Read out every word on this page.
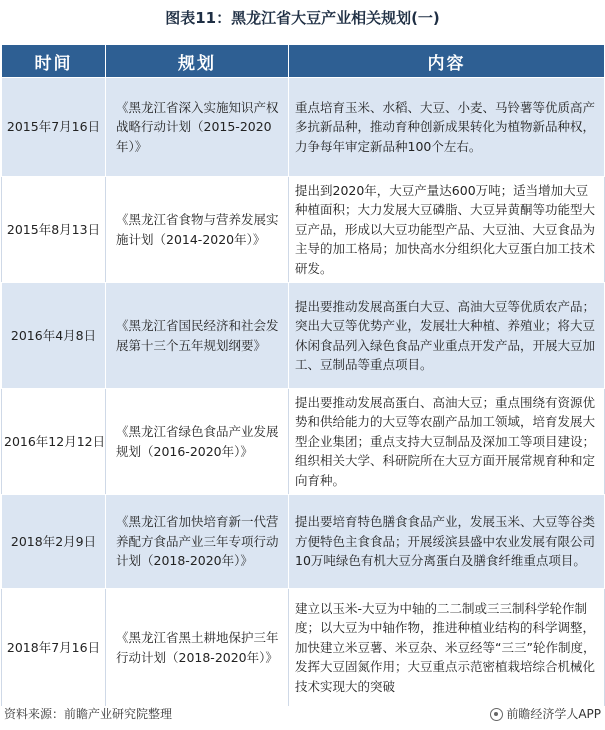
图表11：黑龙江省大豆产业相关规划(一)
时间	规划	内容
2015年7月16日	《黑龙江省深入实施知识产权战略行动计划（2015-2020年）》	重点培育玉米、水稻、大豆、小麦、马铃薯等优质高产多抗新品种，推动育种创新成果转化为植物新品种权，力争每年审定新品种100个左右。
2015年8月13日	《黑龙江省食物与营养发展实施计划（2014-2020年）》	提出到2020年，大豆产量达600万吨；适当增加大豆种植面积；大力发展大豆磷脂、大豆异黄酮等功能型大豆产品，形成以大豆功能型产品、大豆油、大豆食品为主导的加工格局；加快高水分组织化大豆蛋白加工技术研发。
2016年4月8日	《黑龙江省国民经济和社会发展第十三个五年规划纲要》	提出要推动发展高蛋白大豆、高油大豆等优质农产品；突出大豆等优势产业，发展壮大种植、养殖业；将大豆休闲食品列入绿色食品产业重点开发产品，开展大豆加工、豆制品等重点项目。
2016年12月12日	《黑龙江省绿色食品产业发展规划（2016-2020年）》	提出要推动发展高蛋白、高油大豆；重点围绕有资源优势和供给能力的大豆等农副产品加工领域，培育发展大型企业集团；重点支持大豆制品及深加工等项目建设；组织相关大学、科研院所在大豆方面开展常规育种和定向育种。
2018年2月9日	《黑龙江省加快培育新一代营养配方食品产业三年专项行动计划（2018-2020年）》	提出要培育特色膳食食品产业，发展玉米、大豆等谷类方便特色主食食品；开展绥滨县盛中农业发展有限公司10万吨绿色有机大豆分离蛋白及膳食纤维重点项目。
2018年7月16日	《黑龙江省黑土耕地保护三年行动计划（2018-2020年）》	建立以玉米-大豆为中轴的二二制或三三制科学轮作制度；以大豆为中轴作物，推进种植业结构的科学调整，加快建立米豆薯、米豆杂、米豆经等“三三”轮作制度，发挥大豆固氮作用；大豆重点示范密植栽培综合机械化技术实现大的突破
资料来源：前瞻产业研究院整理	前瞻经济学人APP
